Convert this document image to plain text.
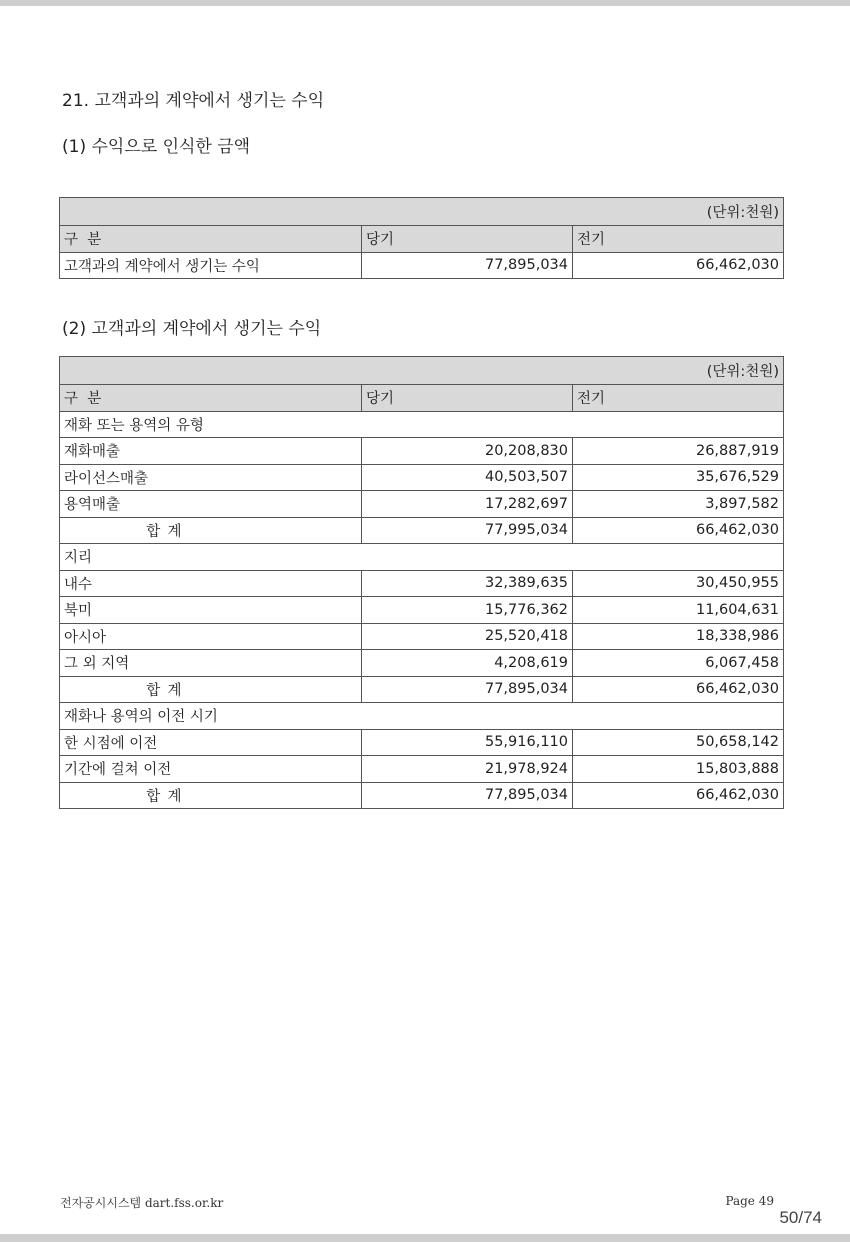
21. 고객과의 계약에서 생기는 수익
(1) 수익으로 인식한 금액
(단위:천원)		
구  분	당기	전기
고객과의 계약에서 생기는 수익	77,895,034	66,462,030
(2) 고객과의 계약에서 생기는 수익
(단위:천원)		
구  분	당기	전기
재화 또는 용역의 유형		
재화매출	20,208,830	26,887,919
라이선스매출	40,503,507	35,676,529
용역매출	17,282,697	3,897,582
합계	77,995,034	66,462,030
지리		
내수	32,389,635	30,450,955
북미	15,776,362	11,604,631
아시아	25,520,418	18,338,986
그 외 지역	4,208,619	6,067,458
합계	77,895,034	66,462,030
재화나 용역의 이전 시기		
한 시점에 이전	55,916,110	50,658,142
기간에 걸쳐 이전	21,978,924	15,803,888
합계	77,895,034	66,462,030
전자공시시스템 dart.fss.or.kr	Page 49
50/74
